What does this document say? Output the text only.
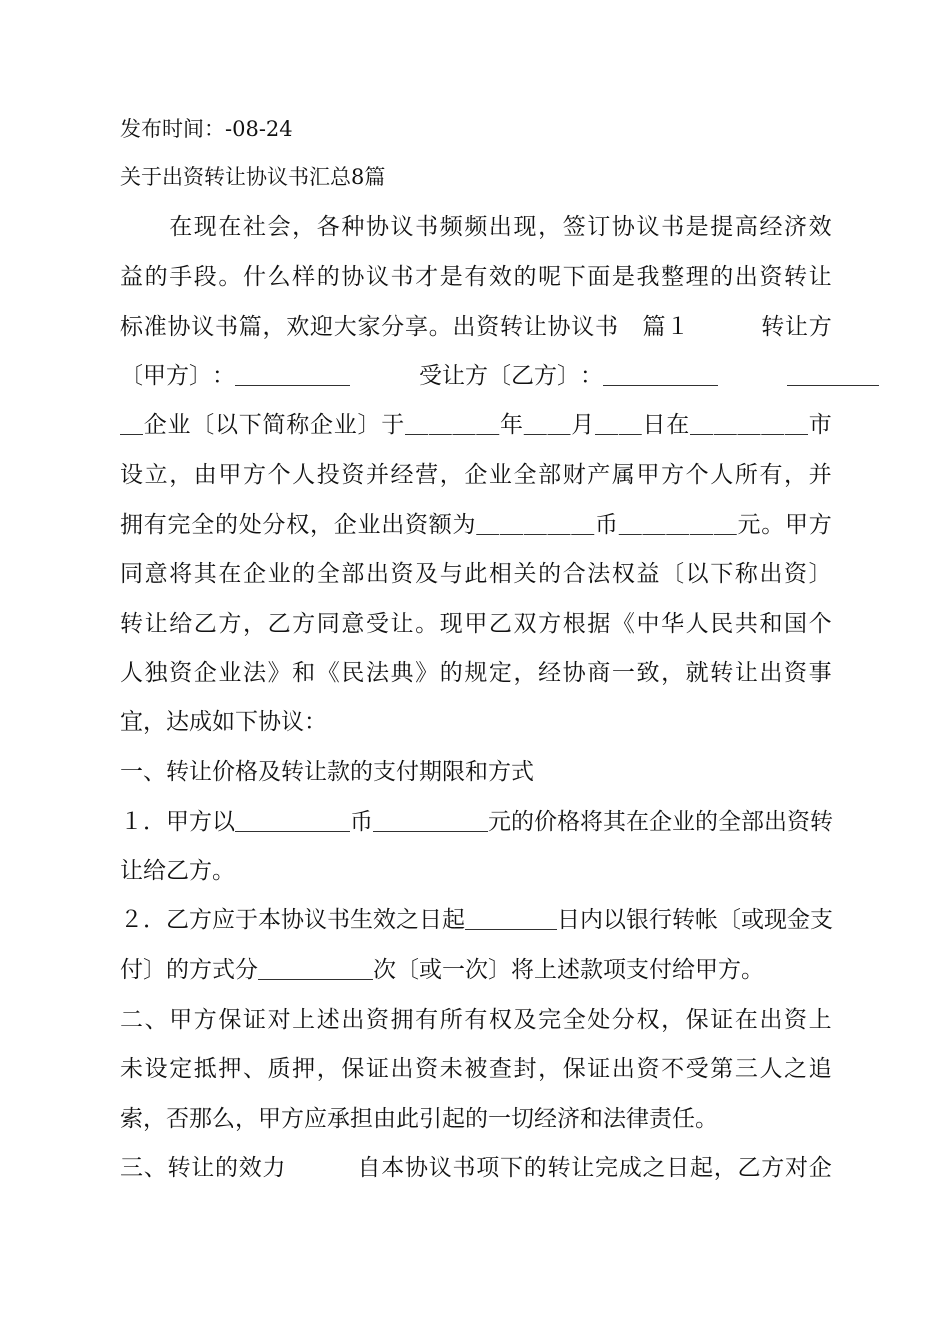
发布时间：-08-24

关于出资转让协议书汇总8篇

在 现 在 社 会 ， 各 种 协 议 书 频 频 出 现 ， 签 订 协 议 书 是 提 高 经 济 效

益 的 手 段 。 什 么 样 的 协 议 书 才 是 有 效 的 呢 下 面 是 我 整 理 的 出 资 转 让

标 准 协 议 书 篇 ， 欢 迎 大 家 分 享 。 出 资 转 让 协 议 书
　 篇 １

　	转 让 方

〔 甲 方 〕 ： ＿ ＿ ＿ ＿ ＿

　	受 让 方 〔 乙 方 〕 ： ＿ ＿ ＿ ＿ ＿

　	＿ ＿ ＿ ＿

＿ 企 业 〔 以 下 简 称 企 业 〕 于 ＿ ＿ ＿ ＿ 年 ＿ ＿ 月 ＿ ＿ 日 在 ＿ ＿ ＿ ＿ ＿ 市

设 立 ， 由 甲 方 个 人 投 资 并 经 营 ， 企 业 全 部 财 产 属 甲 方 个 人 所 有 ， 并

拥 有 完 全 的 处 分 权 ， 企 业 出 资 额 为 ＿ ＿ ＿ ＿ ＿ 币 ＿ ＿ ＿ ＿ ＿ 元 。 甲 方

同 意 将 其 在 企 业 的 全 部 出 资 及 与 此 相 关 的 合 法 权 益 〔 以 下 称 出 资 〕

转 让 给 乙 方 ， 乙 方 同 意 受 让 。 现 甲 乙 双 方 根 据 《 中 华 人 民 共 和 国 个

人 独 资 企 业 法 》 和 《 民 法 典 》 的 规 定 ， 经 协 商 一 致 ， 就 转 让 出 资 事

宜，达成如下协议：

一、转让价格及转让款的支付期限和方式

１ ． 甲 方 以 ＿ ＿ ＿ ＿ ＿ 币 ＿ ＿ ＿ ＿ ＿ 元 的 价 格 将 其 在 企 业 的 全 部 出 资 转

让给乙方。

２ ． 乙 方 应 于 本 协 议 书 生 效 之 日 起 ＿ ＿ ＿ ＿ 日 内 以 银 行 转 帐 〔 或 现 金 支

付〕的方式分＿＿＿＿＿次〔或一次〕将上述款项支付给甲方。

二 、 甲 方 保 证 对 上 述 出 资 拥 有 所 有 权 及 完 全 处 分 权 ， 保 证 在 出 资 上

未 设 定 抵 押 、 质 押 ， 保 证 出 资 未 被 查 封 ， 保 证 出 资 不 受 第 三 人 之 追

索，否那么，甲方应承担由此引起的一切经济和法律责任。

三 、 转 让 的 效 力

　	自 本 协 议 书 项 下 的 转 让 完 成 之 日 起 ， 乙 方 对 企
